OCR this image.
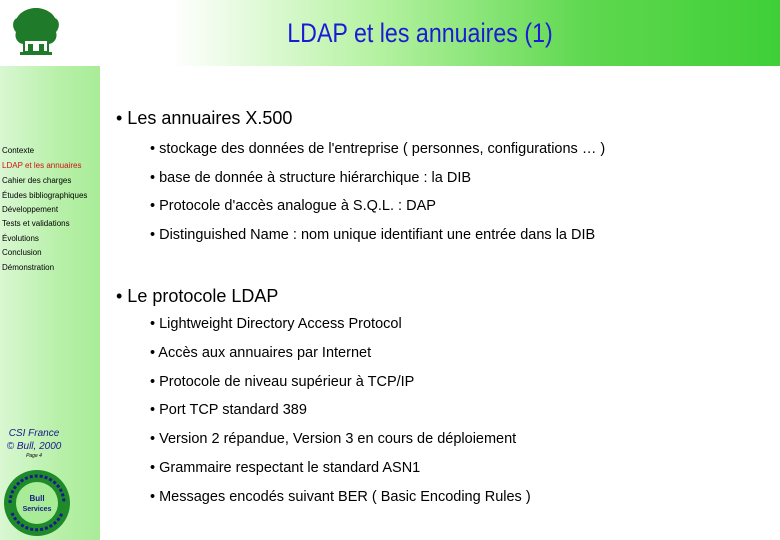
LDAP et les annuaires (1)
Contexte
LDAP et les annuaires
Cahier des charges
Études bibliographiques
Développement
Tests et validations
Évolutions
Conclusion
Démonstration
CSI France
© Bull, 2000
Page 4
Bull
Services
• Les annuaires X.500
• stockage des données de l'entreprise ( personnes, configurations … )
• base de donnée à structure hiérarchique : la DIB
• Protocole d'accès analogue à S.Q.L. : DAP
• Distinguished Name : nom unique identifiant une entrée dans la DIB
• Le protocole LDAP
• Lightweight Directory Access Protocol
• Accès aux annuaires par Internet
• Protocole de niveau supérieur à TCP/IP
• Port TCP standard 389
• Version 2 répandue, Version 3 en cours de déploiement
• Grammaire respectant le standard ASN1
• Messages encodés suivant BER ( Basic Encoding Rules )
